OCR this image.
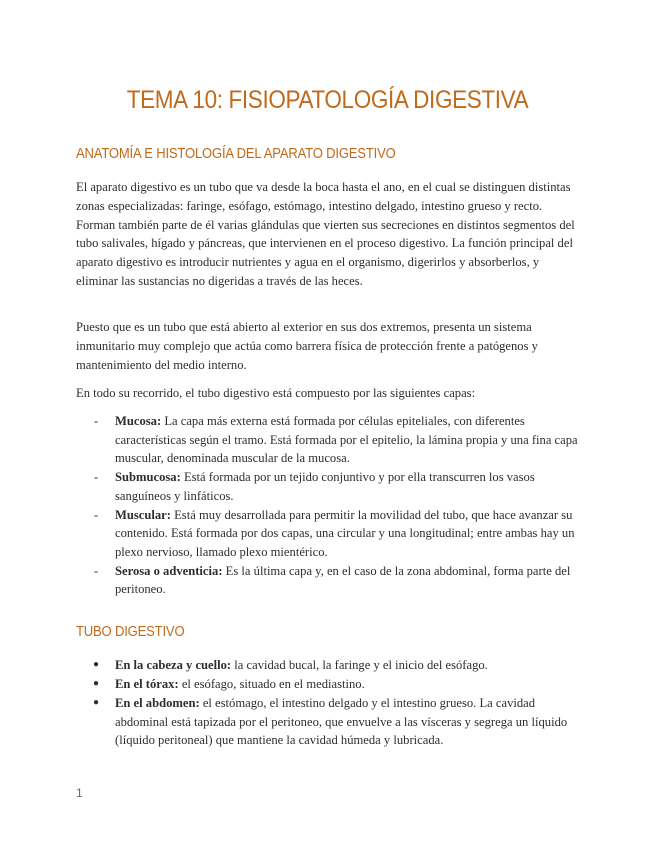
TEMA 10: FISIOPATOLOGÍA DIGESTIVA
ANATOMÍA E HISTOLOGÍA DEL APARATO DIGESTIVO

El aparato digestivo es un tubo que va desde la boca hasta el ano, en el cual se distinguen distintas zonas especializadas: faringe, esófago, estómago, intestino delgado, intestino grueso y recto. Forman también parte de él varias glándulas que vierten sus secreciones en distintos segmentos del tubo salivales, hígado y páncreas, que intervienen en el proceso digestivo. La función principal del aparato digestivo es introducir nutrientes y agua en el organismo, digerirlos y absorberlos, y eliminar las sustancias no digeridas a través de las heces.

Puesto que es un tubo que está abierto al exterior en sus dos extremos, presenta un sistema inmunitario muy complejo que actúa como barrera física de protección frente a patógenos y mantenimiento del medio interno.

En todo su recorrido, el tubo digestivo está compuesto por las siguientes capas:

- Mucosa: La capa más externa está formada por células epiteliales, con diferentes características según el tramo. Está formada por el epitelio, la lámina propia y una fina capa muscular, denominada muscular de la mucosa.
- Submucosa: Está formada por un tejido conjuntivo y por ella transcurren los vasos sanguíneos y linfáticos.
- Muscular: Está muy desarrollada para permitir la movilidad del tubo, que hace avanzar su contenido. Está formada por dos capas, una circular y una longitudinal; entre ambas hay un plexo nervioso, llamado plexo mientérico.
- Serosa o adventicia: Es la última capa y, en el caso de la zona abdominal, forma parte del peritoneo.
TUBO DIGESTIVO
● En la cabeza y cuello: la cavidad bucal, la faringe y el inicio del esófago.
● En el tórax: el esófago, situado en el mediastino.
● En el abdomen: el estómago, el intestino delgado y el intestino grueso. La cavidad abdominal está tapizada por el peritoneo, que envuelve a las vísceras y segrega un líquido (líquido peritoneal) que mantiene la cavidad húmeda y lubricada.
1
